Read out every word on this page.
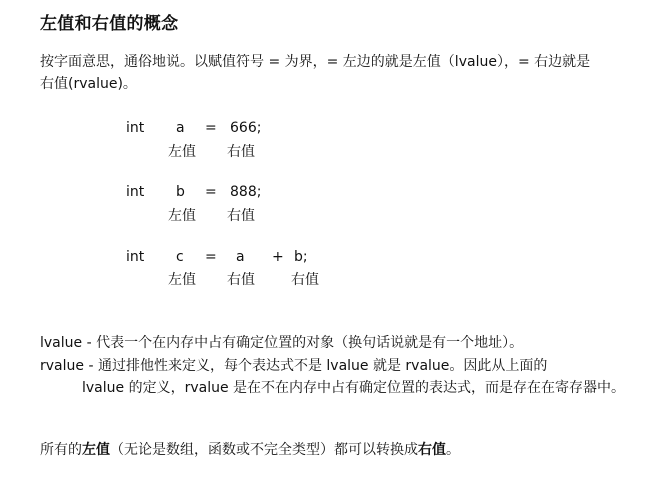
左值和右值的概念
按字面意思，通俗地说。以赋值符号 = 为界，= 左边的就是左值（lvalue），= 右边就是
右值(rvalue)。
int a = 666;
左值 右值
int b = 888;
左值 右值
int c = a + b;
左值 右值	右值
lvalue - 代表一个在内存中占有确定位置的对象（换句话说就是有一个地址）。
rvalue - 通过排他性来定义，每个表达式不是 lvalue 就是 rvalue。因此从上面的
lvalue 的定义，rvalue 是在不在内存中占有确定位置的表达式，而是存在在寄存器中。
所有的左值（无论是数组，函数或不完全类型）都可以转换成右值。
